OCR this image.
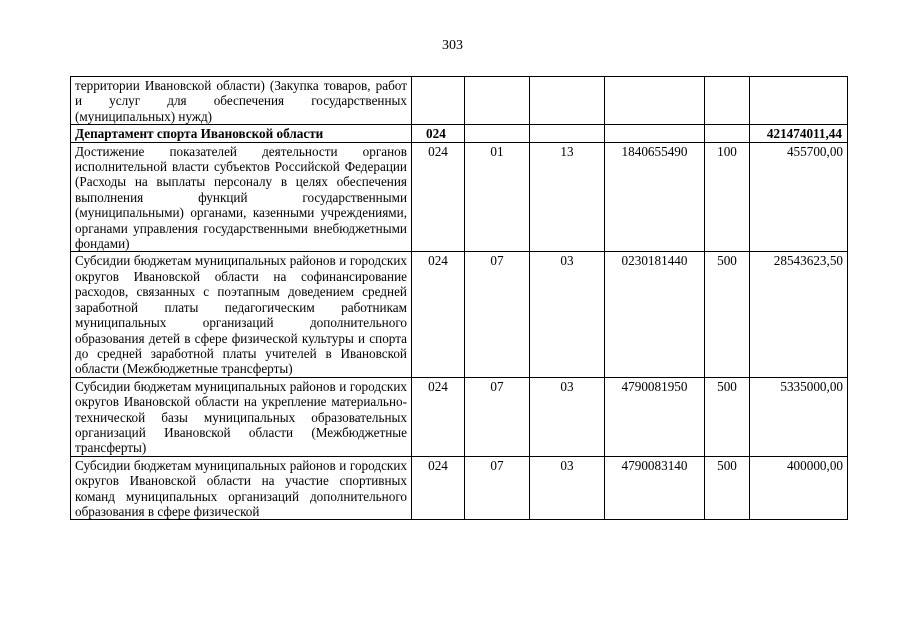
303
территории Ивановской области) (Закупка товаров, работ и услуг для обеспечения государственных (муниципальных) нужд)						
Департамент спорта Ивановской области	024					421474011,44
Достижение показателей деятельности органов исполнительной власти субъектов Российской Федерации (Расходы на выплаты персоналу в целях обеспечения выполнения функций государственными (муниципальными) органами, казенными учреждениями, органами управления государственными внебюджетными фондами)	024	01	13	1840655490	100	455700,00
Субсидии бюджетам муниципальных районов и городских округов Ивановской области на софинансирование расходов, связанных с поэтапным доведением средней заработной платы педагогическим работникам муниципальных организаций дополнительного образования детей в сфере физической культуры и спорта до средней заработной платы учителей в Ивановской области (Межбюджетные трансферты)	024	07	03	0230181440	500	28543623,50
Субсидии бюджетам муниципальных районов и городских округов Ивановской области на укрепление материально-технической базы муниципальных образовательных организаций Ивановской области (Межбюджетные трансферты)	024	07	03	4790081950	500	5335000,00
Субсидии бюджетам муниципальных районов и городских округов Ивановской области на участие спортивных команд муниципальных организаций дополнительного образования в сфере физической	024	07	03	4790083140	500	400000,00
